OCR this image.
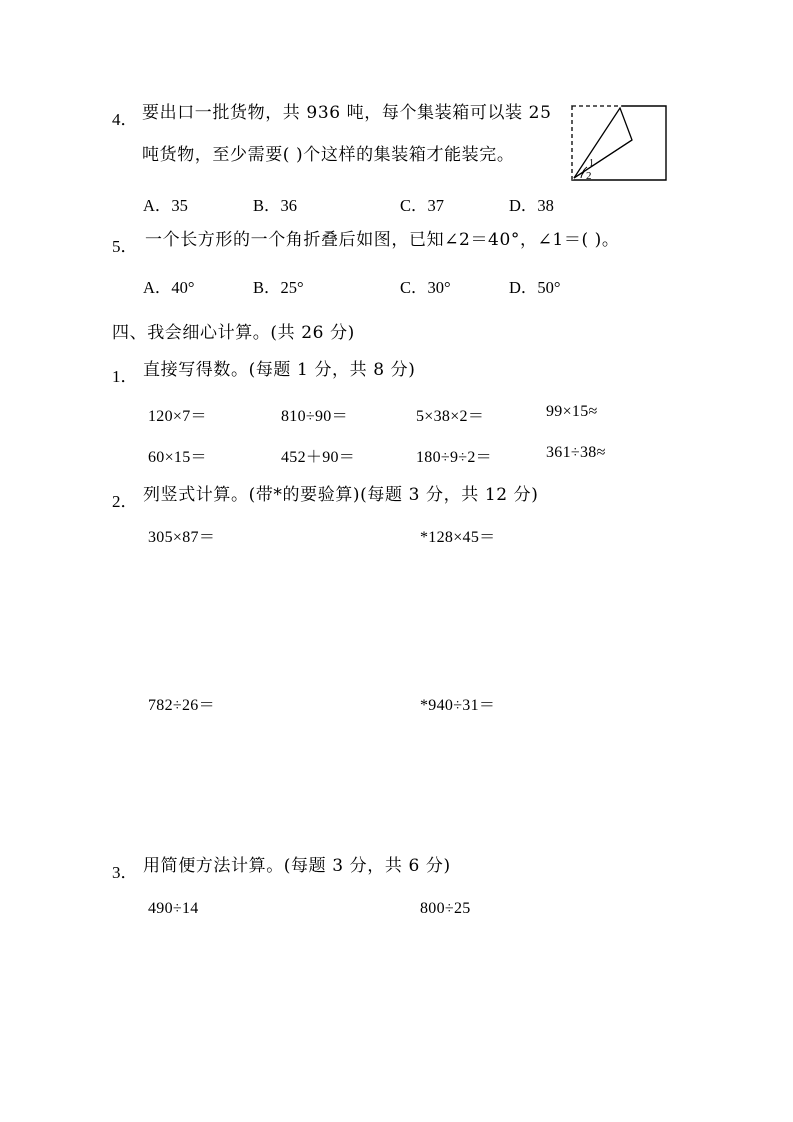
4． 要出口一批货物，共 936 吨，每个集装箱可以装 25
吨货物，至少需要( )个这样的集装箱才能装完。	1
2
A．35	B．36	C．37	D．38
5． 一个长方形的一个角折叠后如图，已知∠2＝40°，∠1＝( )。
A．40°	B．25°	C．30°	D．50°
四、我会细心计算。(共 26 分)
1． 直接写得数。(每题 1 分，共 8 分)
120×7＝	810÷90＝	5×38×2＝	99×15≈
60×15＝	452＋90＝	180÷9÷2＝	361÷38≈
2． 列竖式计算。(带*的要验算)(每题 3 分，共 12 分)
305×87＝	*128×45＝
782÷26＝	*940÷31＝
3． 用简便方法计算。(每题 3 分，共 6 分)
490÷14	800÷25
